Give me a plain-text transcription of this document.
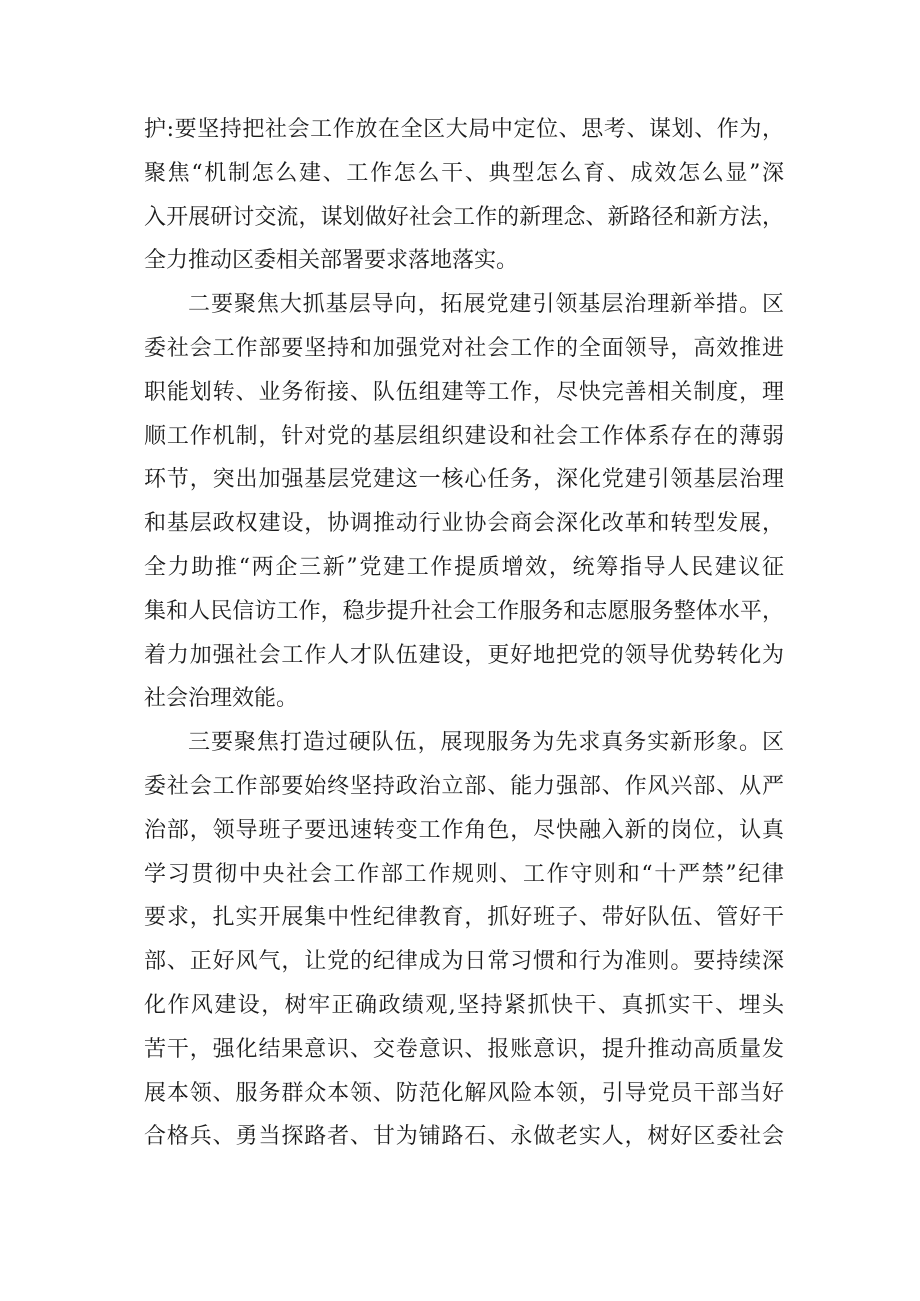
护:要坚持把社会工作放在全区大局中定位、思考、谋划、作为，
聚焦“机制怎么建、工作怎么干、典型怎么育、成效怎么显”深
入开展研讨交流，谋划做好社会工作的新理念、新路径和新方法，
全力推动区委相关部署要求落地落实。
二要聚焦大抓基层导向，拓展党建引领基层治理新举措。区
委社会工作部要坚持和加强党对社会工作的全面领导，高效推进
职能划转、业务衔接、队伍组建等工作，尽快完善相关制度，理
顺工作机制，针对党的基层组织建设和社会工作体系存在的薄弱
环节，突出加强基层党建这一核心任务，深化党建引领基层治理
和基层政权建设，协调推动行业协会商会深化改革和转型发展，
全力助推“两企三新”党建工作提质增效，统筹指导人民建议征
集和人民信访工作，稳步提升社会工作服务和志愿服务整体水平，
着力加强社会工作人才队伍建设，更好地把党的领导优势转化为
社会治理效能。
三要聚焦打造过硬队伍，展现服务为先求真务实新形象。区
委社会工作部要始终坚持政治立部、能力强部、作风兴部、从严
治部，领导班子要迅速转变工作角色，尽快融入新的岗位，认真
学习贯彻中央社会工作部工作规则、工作守则和“十严禁”纪律
要求，扎实开展集中性纪律教育，抓好班子、带好队伍、管好干
部、正好风气，让党的纪律成为日常习惯和行为准则。要持续深
化作风建设，树牢正确政绩观,坚持紧抓快干、真抓实干、埋头
苦干，强化结果意识、交卷意识、报账意识，提升推动高质量发
展本领、服务群众本领、防范化解风险本领，引导党员干部当好
合格兵、勇当探路者、甘为铺路石、永做老实人，树好区委社会
